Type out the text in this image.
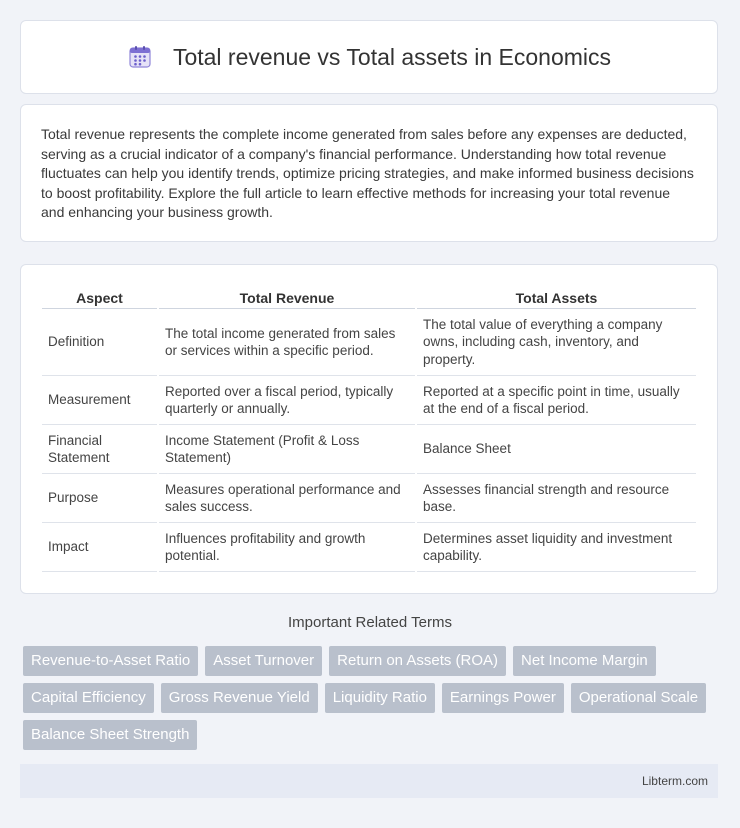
Total revenue vs Total assets in Economics

Total revenue represents the complete income generated from sales before any expenses are deducted, serving as a crucial indicator of a company's financial performance. Understanding how total revenue fluctuates can help you identify trends, optimize pricing strategies, and make informed business decisions to boost profitability. Explore the full article to learn effective methods for increasing your total revenue and enhancing your business growth.

Aspect	Total Revenue	Total Assets
Definition	The total income generated from sales or services within a specific period.	The total value of everything a company owns, including cash, inventory, and property.
Measurement	Reported over a fiscal period, typically quarterly or annually.	Reported at a specific point in time, usually at the end of a fiscal period.
Financial Statement	Income Statement (Profit & Loss Statement)	Balance Sheet
Purpose	Measures operational performance and sales success.	Assesses financial strength and resource base.
Impact	Influences profitability and growth potential.	Determines asset liquidity and investment capability.
Important Related Terms
Revenue-to-Asset Ratio	Asset Turnover	Return on Assets (ROA)	Net Income Margin
Capital Efficiency	Gross Revenue Yield	Liquidity Ratio	Earnings Power	Operational Scale
Balance Sheet Strength
Libterm.com
